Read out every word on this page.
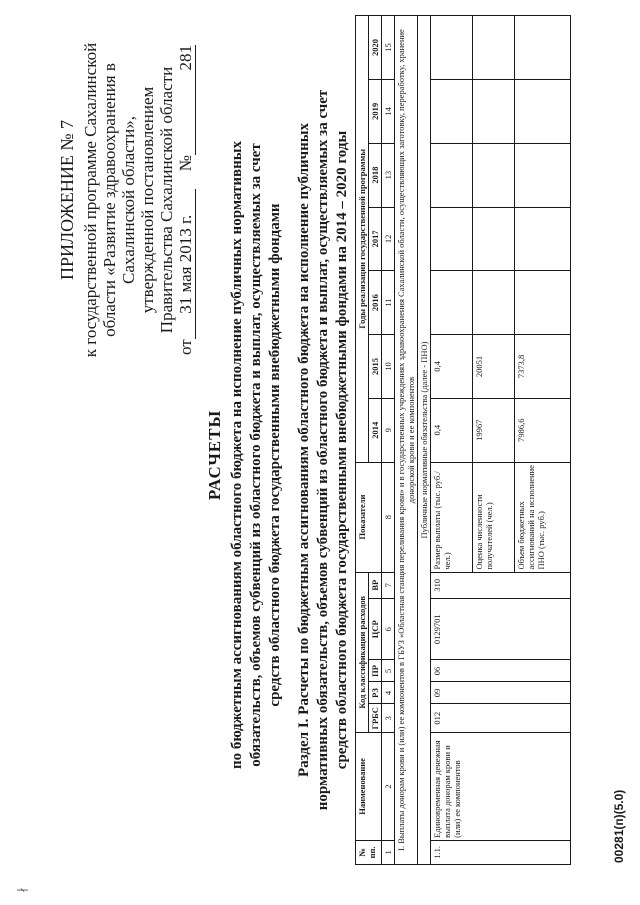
∤
ПРИЛОЖЕНИЕ № 7 к государственной программе Сахалинской области «Развитие здравоохранения в Сахалинской области», утвержденной постановлением Правительства Сахалинской области
от
31 мая 2013 г.
№
281
РАСЧЕТЫ по бюджетным ассигнованиям областного бюджета на исполнение публичных нормативных обязательств, объемов субвенций из областного бюджета и выплат, осуществляемых за счет средств областного бюджета государственными внебюджетными фондами Раздел I. Расчеты по бюджетным ассигнованиям областного бюджета на исполнение публичных нормативных обязательств, объемов субвенций из областного бюджета и выплат, осуществляемых за счет средств областного бюджета государственными внебюджетными фондами на 2014 – 2020 годы
№ пп.	Наименование	Код классификации расходов					Показатели	Годы реализации государственной программы						
		ГРБС	РЗ	ПР	ЦСР	ВР		2014	2015	2016	2017	2018	2019	2020
1	2	3	4	5	6	7	8	9	10	11	12	13	14	15
I. Выплаты донорам крови и (или) ее компонентов в ГБУЗ «Областная станция переливания крови» и в государственных учреждениях здравоохранения Сахалинской области, осуществляющих заготовку, переработку, хранение донорской крови и ее компонентов														
Публичные нормативные обязательства (далее - ПНО)														
1.1.	Единовременная денежная выплата донорам крови и (или) ее компонентов	012	09	06	0129701	310	Размер выплаты (тыс. руб./чел.)	0,4	0,4					
							Оценка численности получателей (чел.)	19967	20051					
							Объем бюджетных ассигнований на исполнение ПНО (тыс. руб.)	7986,6	7373,8					
00281(п)(5.0)
